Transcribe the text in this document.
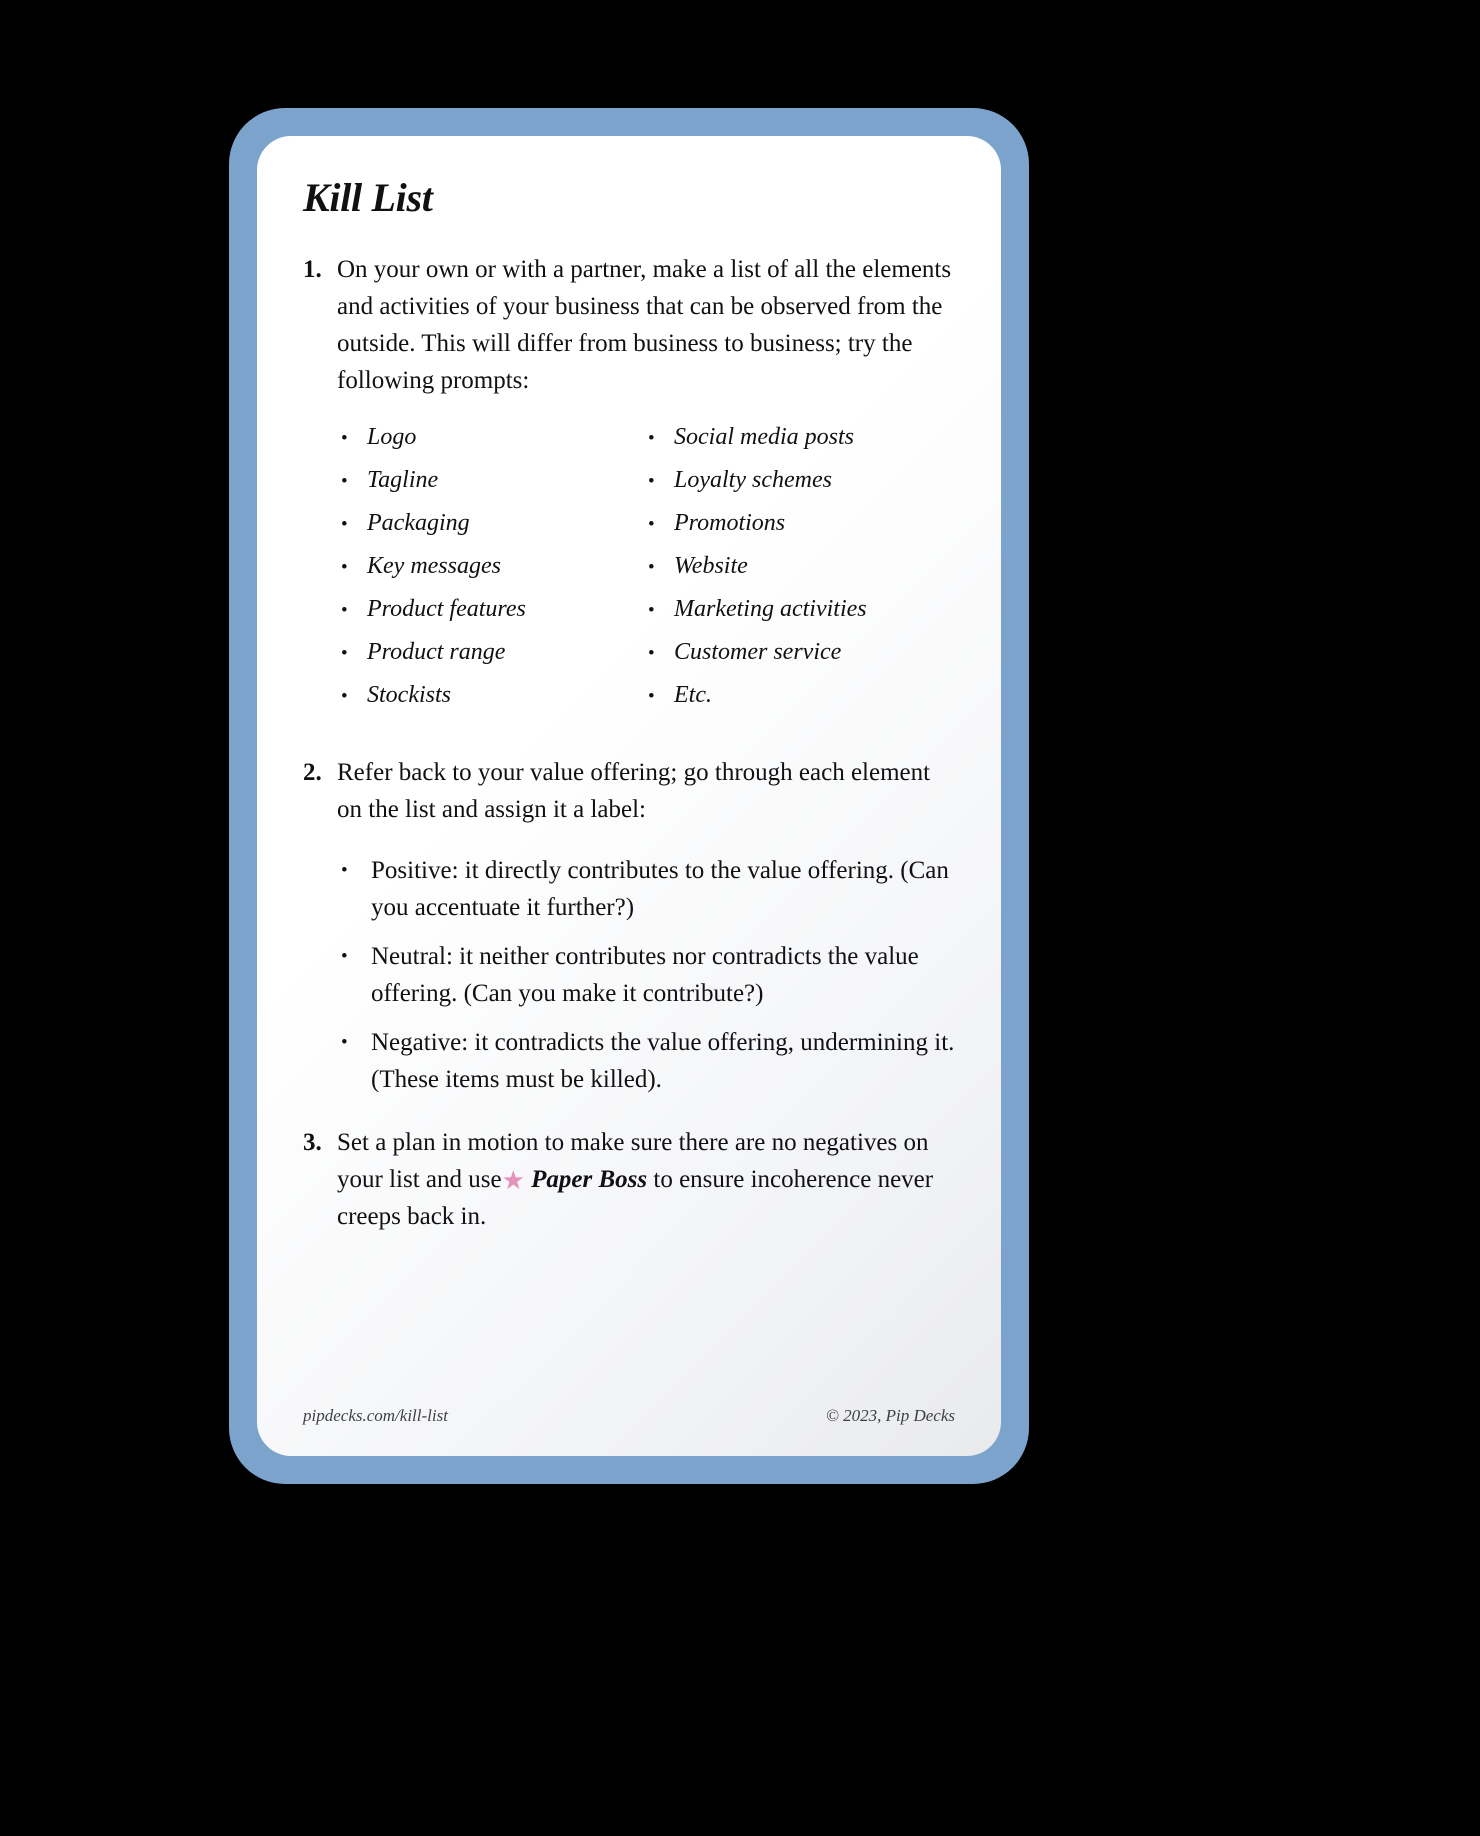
Kill List
1. On your own or with a partner, make a list of all the elements and activities of your business that can be observed from the outside. This will differ from business to business; try the following prompts:
• Logo
• Tagline
• Packaging
• Key messages
• Product features
• Product range
• Stockists
• Social media posts
• Loyalty schemes
• Promotions
• Website
• Marketing activities
• Customer service
• Etc.
2. Refer back to your value offering; go through each element on the list and assign it a label:
• Positive: it directly contributes to the value offering. (Can you accentuate it further?)
• Neutral: it neither contributes nor contradicts the value offering. (Can you make it contribute?)
• Negative: it contradicts the value offering, undermining it. (These items must be killed).
3. Set a plan in motion to make sure there are no negatives on your list and use★ Paper Boss to ensure incoherence never creeps back in.
pipdecks.com/kill-list	© 2023, Pip Decks
